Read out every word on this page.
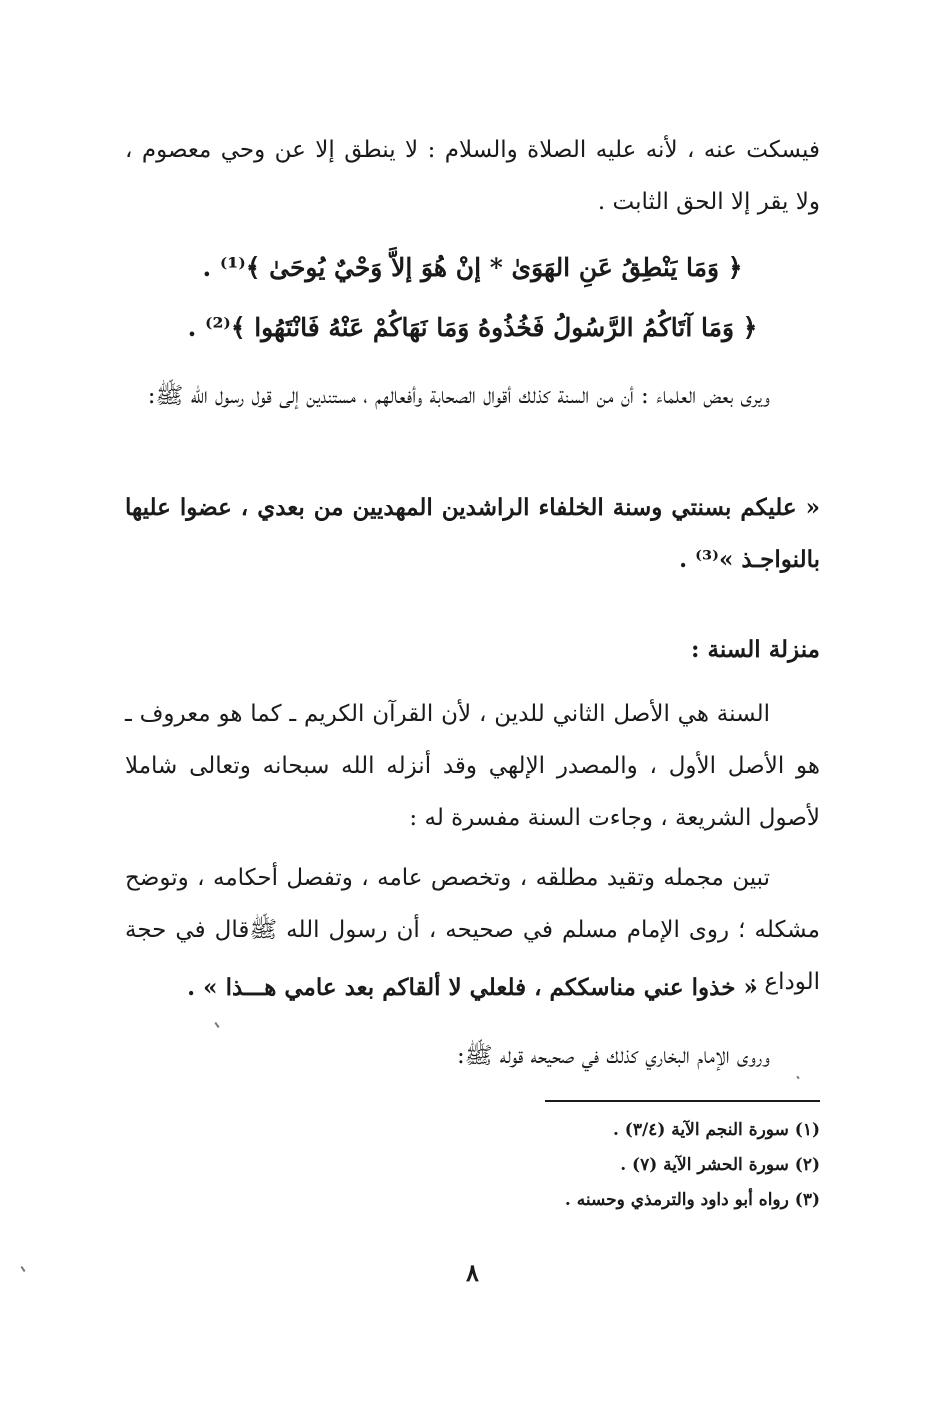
فيسكت عنه ، لأنه عليه الصلاة والسلام : لا ينطق إلا عن وحي معصوم ، ولا يقر إلا الحق الثابت .

﴿ وَمَا يَنْطِقُ عَنِ الهَوَىٰ * إنْ هُوَ إلاَّ وَحْيٌ يُوحَىٰ ﴾⁽¹⁾ .

﴿ وَمَا آتَاكُمُ الرَّسُولُ فَخُذُوهُ وَمَا نَهَاكُمْ عَنْهُ فَانْتَهُوا ﴾⁽²⁾ .

ويرى بعض العلماء : أن من السنة كذلك أقوال الصحابة وأفعالهم ، مستندين إلى قول رسول الله ﷺ:

« عليكم بسنتي وسنة الخلفاء الراشدين المهديين من بعدي ، عضوا عليها بالنواجـذ »⁽³⁾ .

منزلة السنة :

السنة هي الأصل الثاني للدين ، لأن القرآن الكريم ـ كما هو معروف ـ هو الأصل الأول ، والمصدر الإلهي وقد أنزله الله سبحانه وتعالى شاملا لأصول الشريعة ، وجاءت السنة مفسرة له :

تبين مجمله وتقيد مطلقه ، وتخصص عامه ، وتفصل أحكامه ، وتوضح مشكله ؛ روى الإمام مسلم في صحيحه ، أن رسول الله ﷺقال في حجة الوداع :

« خذوا عني مناسككم ، فلعلي لا ألقاكم بعد عامي هـــذا » .

وروى الإمام البخاري كذلك في صحيحه قوله ﷺ:

(١) سورة النجم الآية (٣/٤) .

(٢) سورة الحشر الآية (٧) .

(٣) رواه أبو داود والترمذي وحسنه .

٨
